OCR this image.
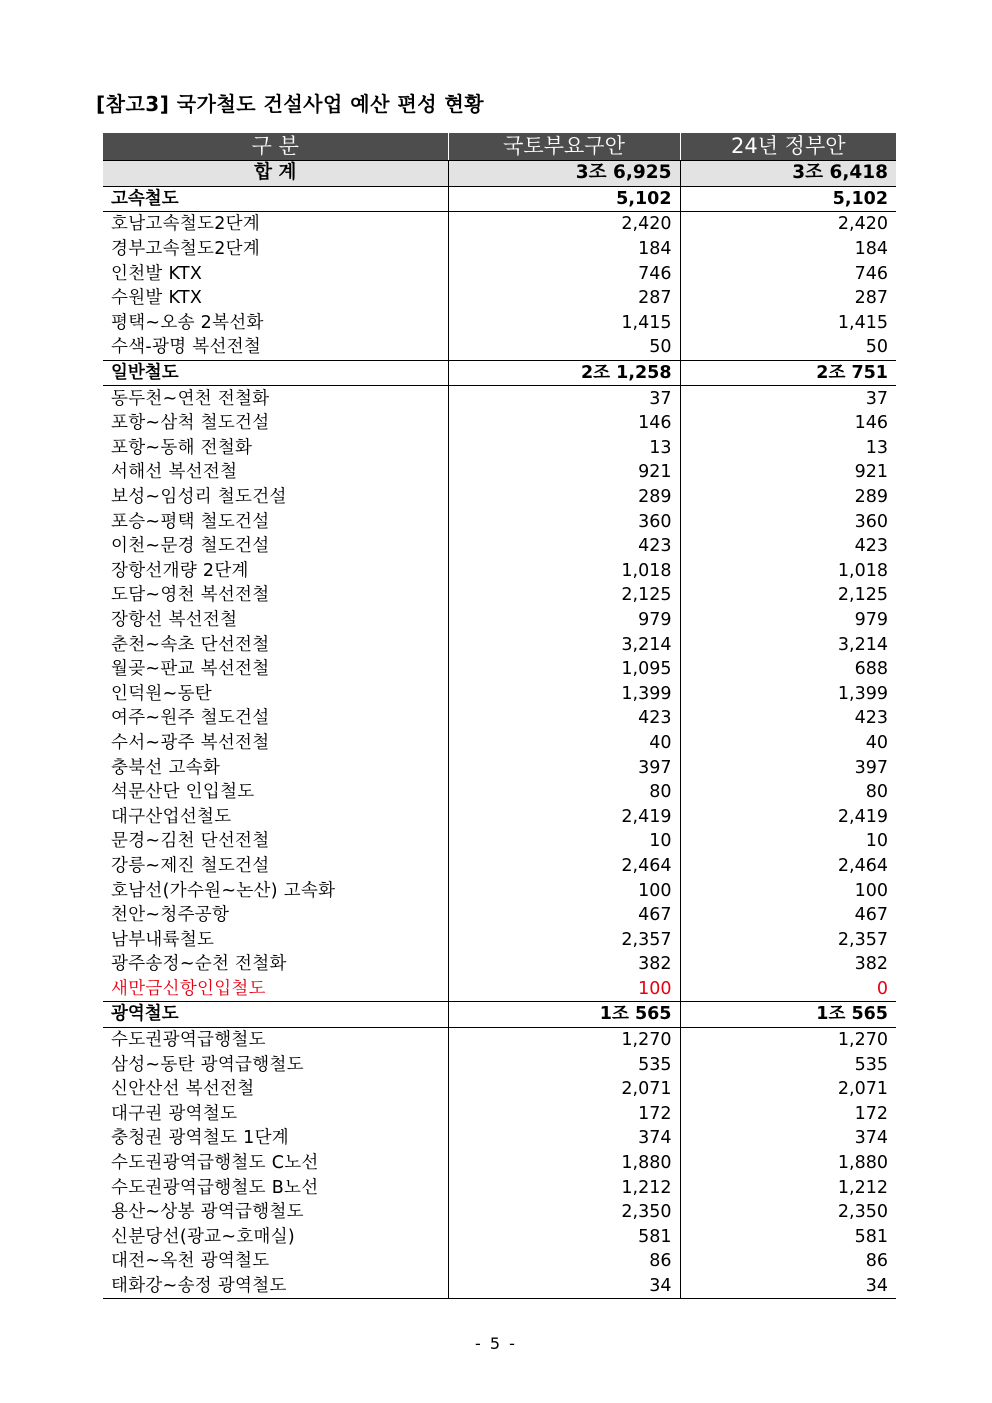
[참고3] 국가철도 건설사업 예산 편성 현황
구 분	국토부요구안	24년 정부안
합 계	3조 6,925	3조 6,418
고속철도	5,102	5,102
호남고속철도2단계	2,420	2,420
경부고속철도2단계	184	184
인천발 KTX	746	746
수원발 KTX	287	287
평택~오송 2복선화	1,415	1,415
수색-광명 복선전철	50	50
일반철도	2조 1,258	2조 751
동두천~연천 전철화	37	37
포항~삼척 철도건설	146	146
포항~동해 전철화	13	13
서해선 복선전철	921	921
보성~임성리 철도건설	289	289
포승~평택 철도건설	360	360
이천~문경 철도건설	423	423
장항선개량 2단계	1,018	1,018
도담~영천 복선전철	2,125	2,125
장항선 복선전철	979	979
춘천~속초 단선전철	3,214	3,214
월곶~판교 복선전철	1,095	688
인덕원~동탄	1,399	1,399
여주~원주 철도건설	423	423
수서~광주 복선전철	40	40
충북선 고속화	397	397
석문산단 인입철도	80	80
대구산업선철도	2,419	2,419
문경~김천 단선전철	10	10
강릉~제진 철도건설	2,464	2,464
호남선(가수원~논산) 고속화	100	100
천안~청주공항	467	467
남부내륙철도	2,357	2,357
광주송정~순천 전철화	382	382
새만금신항인입철도	100	0
광역철도	1조 565	1조 565
수도권광역급행철도	1,270	1,270
삼성~동탄 광역급행철도	535	535
신안산선 복선전철	2,071	2,071
대구권 광역철도	172	172
충청권 광역철도 1단계	374	374
수도권광역급행철도 C노선	1,880	1,880
수도권광역급행철도 B노선	1,212	1,212
용산~상봉 광역급행철도	2,350	2,350
신분당선(광교~호매실)	581	581
대전~옥천 광역철도	86	86
태화강~송정 광역철도	34	34
- 5 -
